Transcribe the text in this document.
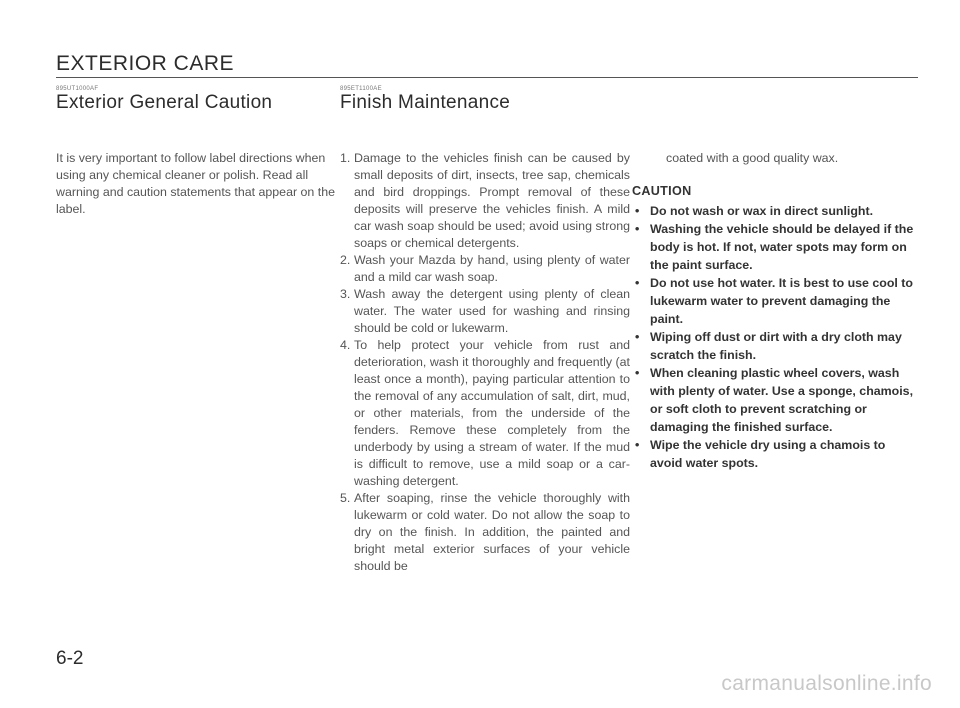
EXTERIOR CARE
895UT1000AF
Exterior General Caution

It is very important to follow label directions when using any chemical cleaner or polish. Read all warning and caution statements that appear on the label.

895ET1100AE
Finish Maintenance
1. Damage to the vehicles finish can be caused by small deposits of dirt, insects, tree sap, chemicals and bird droppings. Prompt removal of these deposits will preserve the vehicles finish. A mild car wash soap should be used; avoid using strong soaps or chemical detergents.
2. Wash your Mazda by hand, using plenty of water and a mild car wash soap.
3. Wash away the detergent using plenty of clean water. The water used for washing and rinsing should be cold or lukewarm.
4. To help protect your vehicle from rust and deterioration, wash it thoroughly and frequently (at least once a month), paying particular attention to the removal of any accumulation of salt, dirt, mud, or other materials, from the underside of the fenders. Remove these completely from the underbody by using a stream of water. If the mud is difficult to remove, use a mild soap or a car-washing detergent.
5. After soaping, rinse the vehicle thoroughly with lukewarm or cold water. Do not allow the soap to dry on the finish. In addition, the painted and bright metal exterior surfaces of your vehicle should be

coated with a good quality wax.

CAUTION
• Do not wash or wax in direct sunlight.
• Washing the vehicle should be delayed if the body is hot. If not, water spots may form on the paint surface.
• Do not use hot water. It is best to use cool to lukewarm water to prevent damaging the paint.
• Wiping off dust or dirt with a dry cloth may scratch the finish.
• When cleaning plastic wheel covers, wash with plenty of water. Use a sponge, chamois, or soft cloth to prevent scratching or damaging the finished surface.
• Wipe the vehicle dry using a chamois to avoid water spots.
6-2
carmanualsonline.info
